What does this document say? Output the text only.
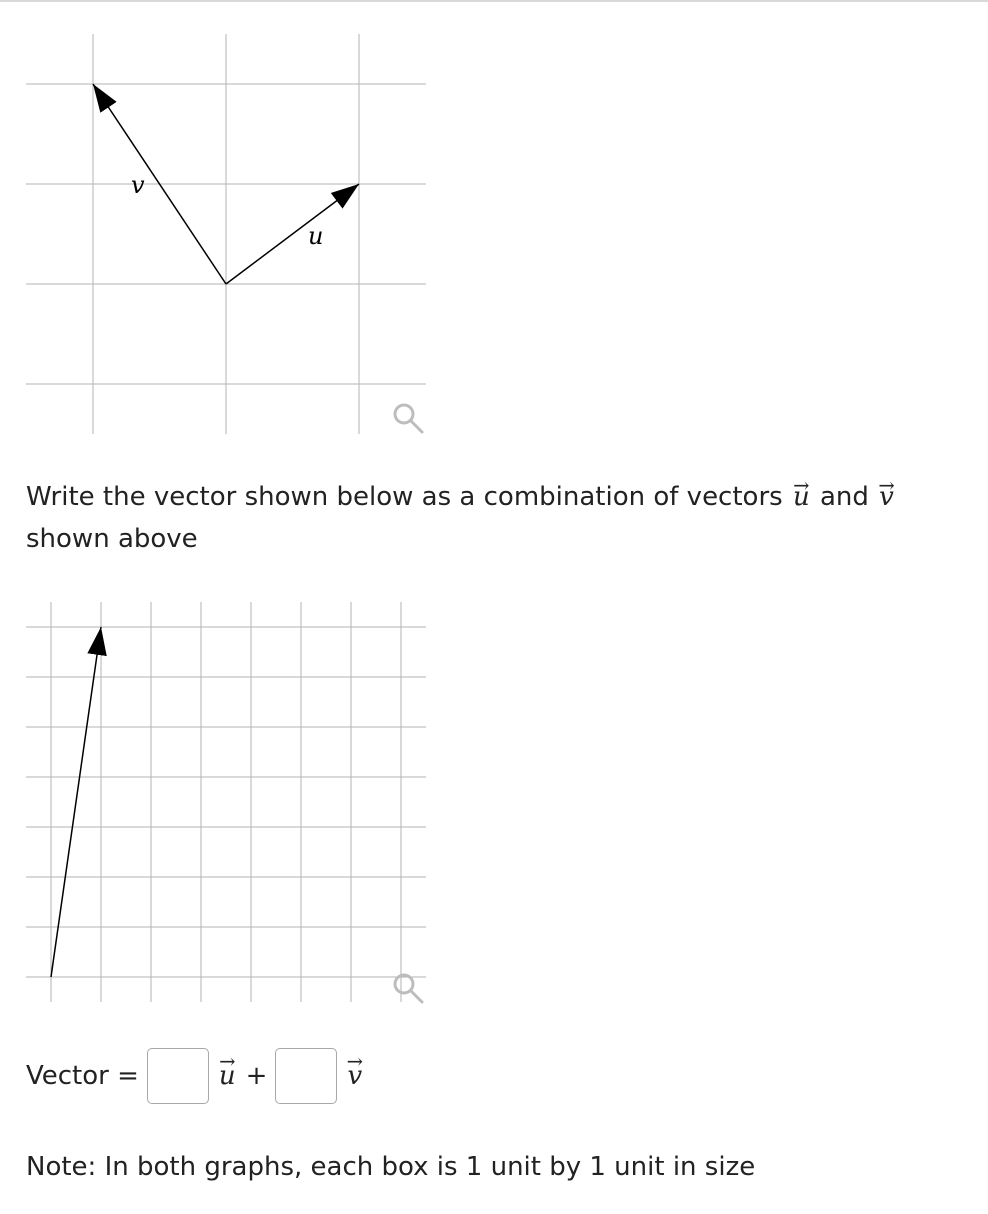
u
v

Write the vector shown below as a combination of vectors → u and → v
shown above

Vector =	→ u +	→ v

Note: In both graphs, each box is 1 unit by 1 unit in size
